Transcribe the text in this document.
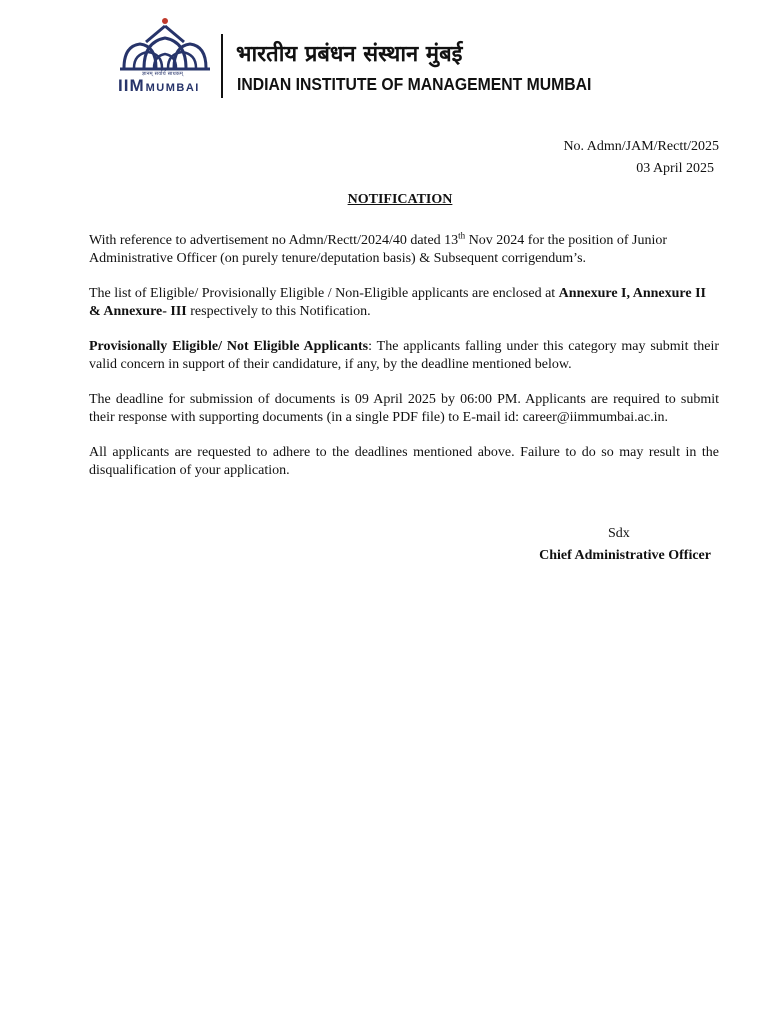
ज्ञानम् सर्वार्थ साधकम्
IIMMUMBAI
भारतीय प्रबंधन संस्थान मुंबई
INDIAN INSTITUTE OF MANAGEMENT MUMBAI
No. Admn/JAM/Rectt/2025
03 April 2025
NOTIFICATION

With reference to advertisement no Admn/Rectt/2024/40 dated 13th Nov 2024 for the position of Junior Administrative Officer (on purely tenure/deputation basis) & Subsequent corrigendum’s.

The list of Eligible/ Provisionally Eligible / Non-Eligible applicants are enclosed at Annexure I, Annexure II & Annexure- III respectively to this Notification.

Provisionally Eligible/ Not Eligible Applicants: The applicants falling under this category may submit their valid concern in support of their candidature, if any, by the deadline mentioned below.

The deadline for submission of documents is 09 April 2025 by 06:00 PM. Applicants are required to submit their response with supporting documents (in a single PDF file) to E-mail id: career@iimmumbai.ac.in.

All applicants are requested to adhere to the deadlines mentioned above. Failure to do so may result in the disqualification of your application.

Sdx
Chief Administrative Officer
